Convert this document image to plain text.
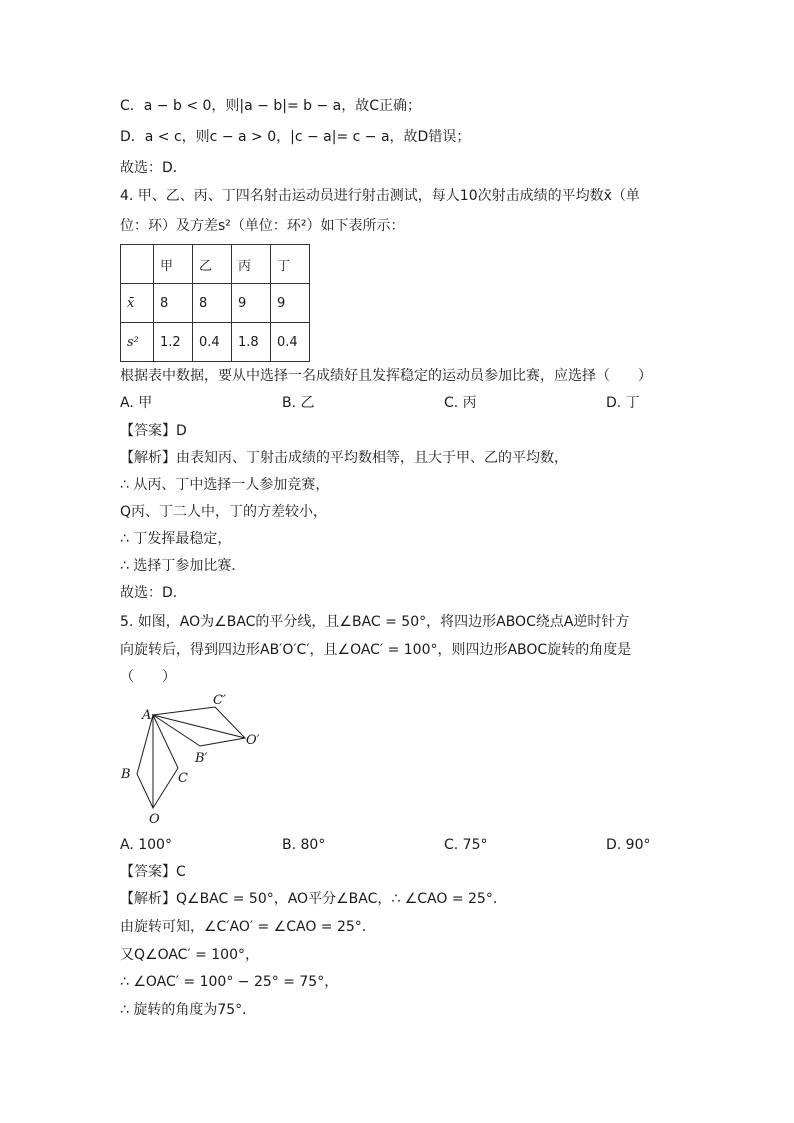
C．a − b < 0，则|a − b|= b − a，故C正确；
D．a < c，则c − a > 0，|c − a|= c − a，故D错误；
故选：D．
4. 甲、乙、丙、丁四名射击运动员进行射击测试，每人10次射击成绩的平均数x̄（单
位：环）及方差s²（单位：环²）如下表所示：
	甲	乙	丙	丁
x̄	8	8	9	9
s²	1.2	0.4	1.8	0.4
根据表中数据，要从中选择一名成绩好且发挥稳定的运动员参加比赛，应选择（　　）
A. 甲	B. 乙	C. 丙	D. 丁
【答案】D
【解析】由表知丙、丁射击成绩的平均数相等，且大于甲、乙的平均数，
∴ 从丙、丁中选择一人参加竞赛，
Q丙、丁二人中，丁的方差较小，
∴ 丁发挥最稳定，
∴ 选择丁参加比赛．
故选：D.
5. 如图，AO为∠BAC的平分线，且∠BAC = 50°，将四边形ABOC绕点A逆时针方
向旋转后，得到四边形AB′O′C′，且∠OAC′ = 100°，则四边形ABOC旋转的角度是
（　　）
A
B	C
O
B′
C′
O′
A. 100°	B. 80°	C. 75°	D. 90°
【答案】C
【解析】Q∠BAC = 50°，AO平分∠BAC，∴ ∠CAO = 25°．
由旋转可知，∠C′AO′ = ∠CAO = 25°．
又Q∠OAC′ = 100°，
∴ ∠OAC′ = 100° − 25° = 75°，
∴ 旋转的角度为75°．
